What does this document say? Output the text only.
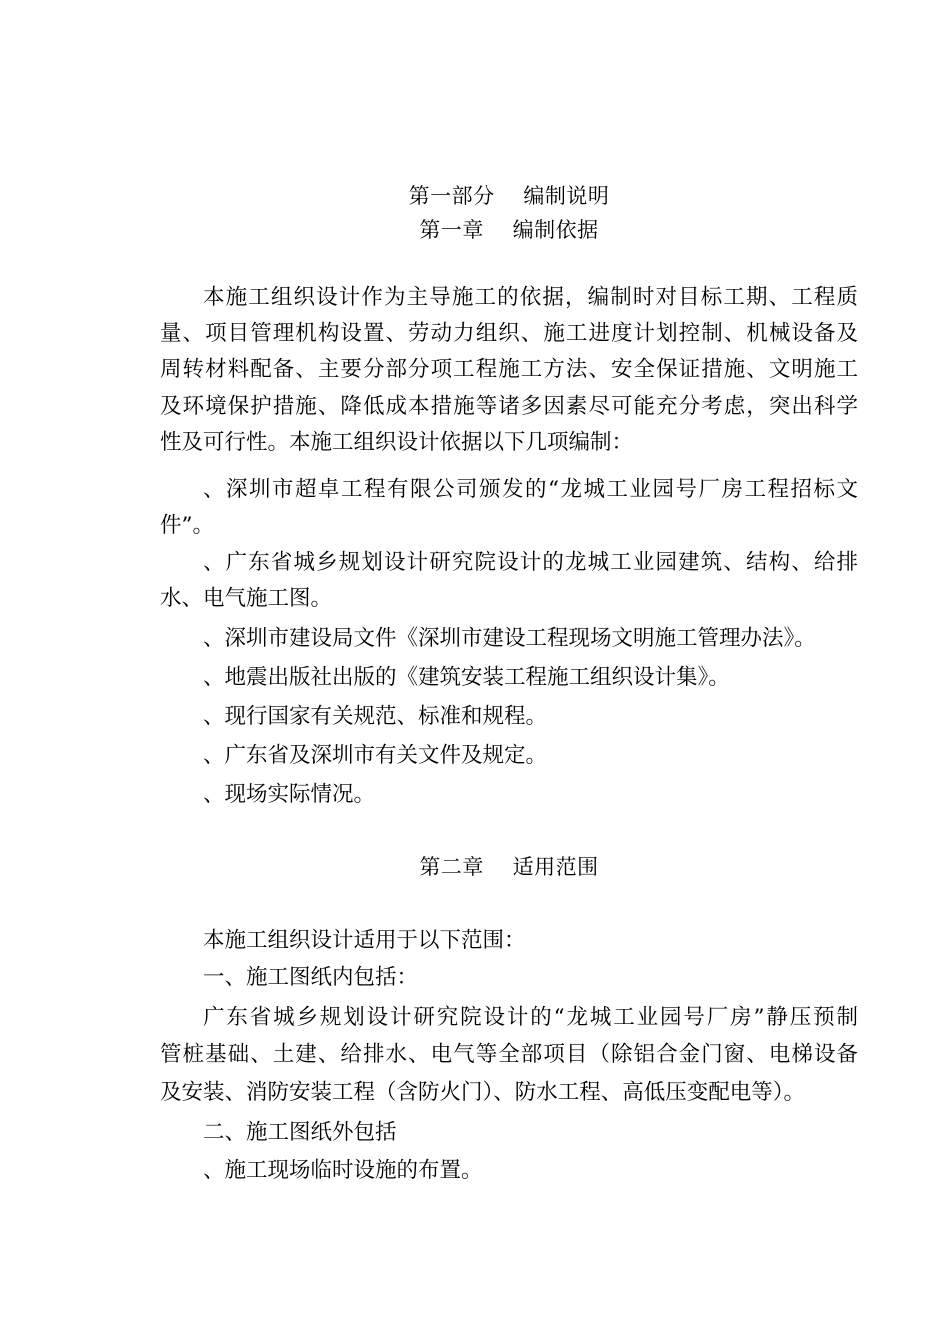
第一部分    编制说明
第一章    编制依据
本施工组织设计作为主导施工的依据，编制时对目标工期、工程质
量、项目管理机构设置、劳动力组织、施工进度计划控制、机械设备及
周转材料配备、主要分部分项工程施工方法、安全保证措施、文明施工
及环境保护措施、降低成本措施等诸多因素尽可能充分考虑，突出科学
性及可行性。本施工组织设计依据以下几项编制：
、深圳市超卓工程有限公司颁发的“龙城工业园号厂房工程招标文
件”。
、广东省城乡规划设计研究院设计的龙城工业园建筑、结构、给排
水、电气施工图。
、深圳市建设局文件《深圳市建设工程现场文明施工管理办法》。
、地震出版社出版的《建筑安装工程施工组织设计集》。
、现行国家有关规范、标准和规程。
、广东省及深圳市有关文件及规定。
、现场实际情况。
第二章    适用范围
本施工组织设计适用于以下范围：
一、施工图纸内包括：
广东省城乡规划设计研究院设计的“龙城工业园号厂房”静压预制
管桩基础、土建、给排水、电气等全部项目（除铝合金门窗、电梯设备
及安装、消防安装工程（含防火门）、防水工程、高低压变配电等）。
二、施工图纸外包括
、施工现场临时设施的布置。
